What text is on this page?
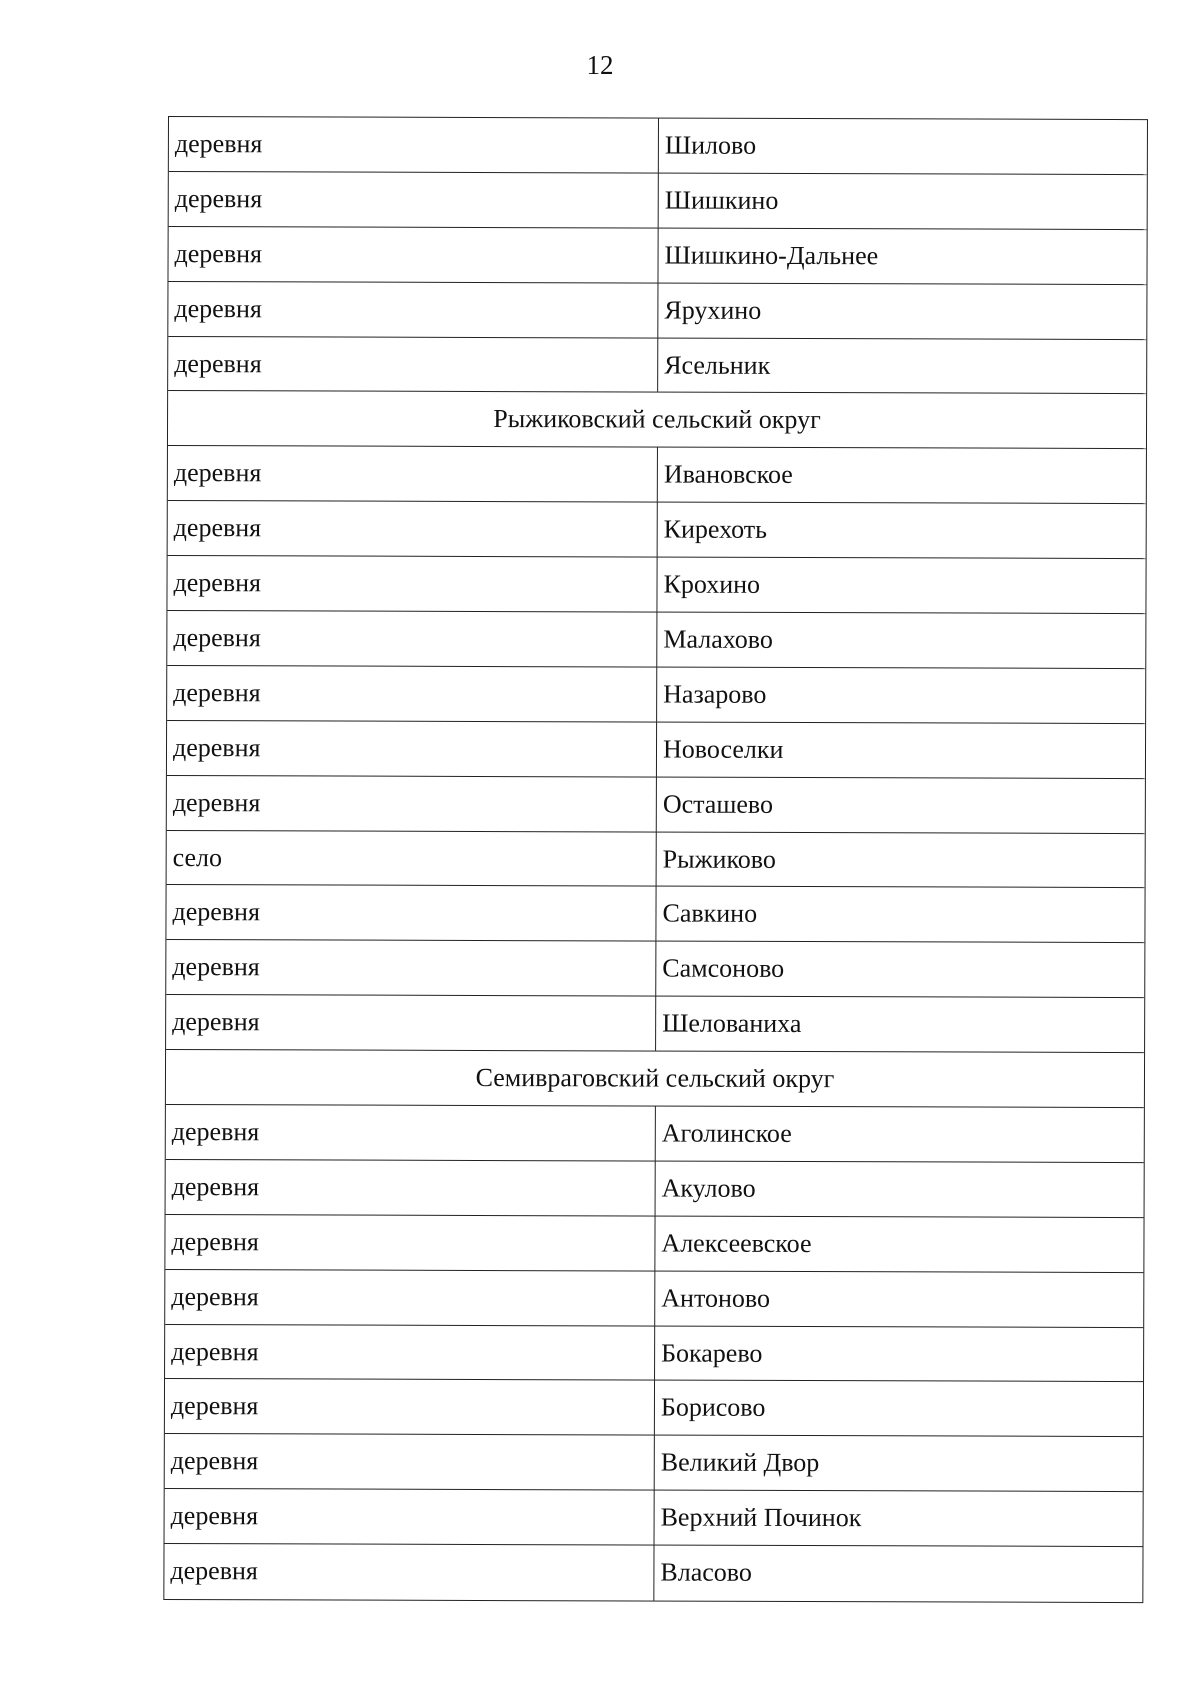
12
деревня	Шилово
деревня	Шишкино
деревня	Шишкино-Дальнее
деревня	Ярухино
деревня	Ясельник
Рыжиковский сельский округ
деревня	Ивановское
деревня	Кирехоть
деревня	Крохино
деревня	Малахово
деревня	Назарово
деревня	Новоселки
деревня	Осташево
село	Рыжиково
деревня	Савкино
деревня	Самсоново
деревня	Шелованиха
Семивраговский сельский округ
деревня	Аголинское
деревня	Акулово
деревня	Алексеевское
деревня	Антоново
деревня	Бокарево
деревня	Борисово
деревня	Великий Двор
деревня	Верхний Починок
деревня	Власово
